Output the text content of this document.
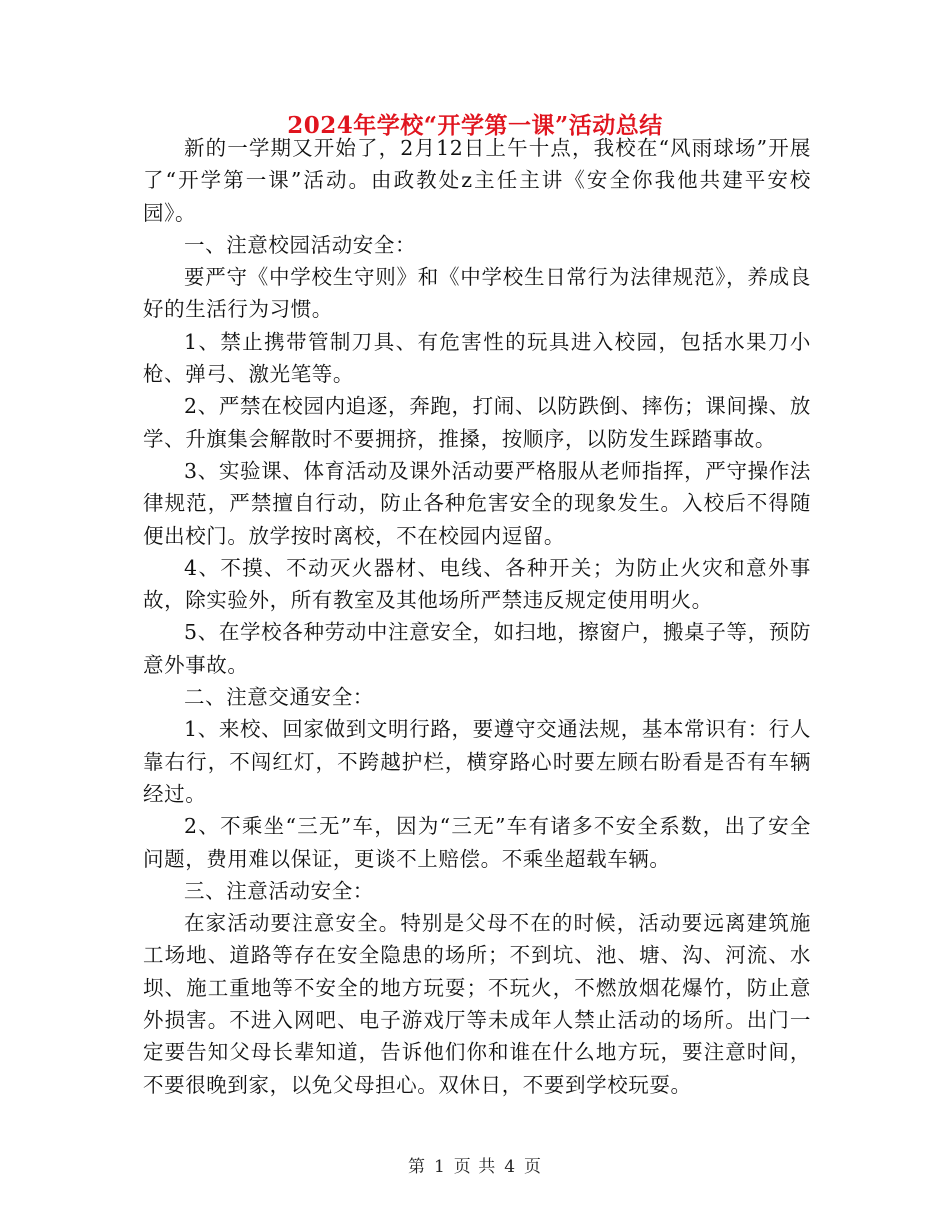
2024年学校“开学第一课”活动总结

新的一学期又开始了，2月12日上午十点，我校在“风雨球场”开展了“开学第一课”活动。由政教处z主任主讲《安全你我他共建平安校园》。

一、注意校园活动安全：

要严守《中学校生守则》和《中学校生日常行为法律规范》，养成良好的生活行为习惯。

1、禁止携带管制刀具、有危害性的玩具进入校园，包括水果刀小枪、弹弓、激光笔等。

2、严禁在校园内追逐，奔跑，打闹、以防跌倒、摔伤；课间操、放学、升旗集会解散时不要拥挤，推搡，按顺序，以防发生踩踏事故。

3、实验课、体育活动及课外活动要严格服从老师指挥，严守操作法律规范，严禁擅自行动，防止各种危害安全的现象发生。入校后不得随便出校门。放学按时离校，不在校园内逗留。

4、不摸、不动灭火器材、电线、各种开关；为防止火灾和意外事故，除实验外，所有教室及其他场所严禁违反规定使用明火。

5、在学校各种劳动中注意安全，如扫地，擦窗户，搬桌子等，预防意外事故。

二、注意交通安全：

1、来校、回家做到文明行路，要遵守交通法规，基本常识有：行人靠右行，不闯红灯，不跨越护栏，横穿路心时要左顾右盼看是否有车辆经过。

2、不乘坐“三无”车，因为“三无”车有诸多不安全系数，出了安全问题，费用难以保证，更谈不上赔偿。不乘坐超载车辆。

三、注意活动安全：

在家活动要注意安全。特别是父母不在的时候，活动要远离建筑施工场地、道路等存在安全隐患的场所；不到坑、池、塘、沟、河流、水坝、施工重地等不安全的地方玩耍；不玩火，不燃放烟花爆竹，防止意外损害。不进入网吧、电子游戏厅等未成年人禁止活动的场所。出门一定要告知父母长辈知道，告诉他们你和谁在什么地方玩，要注意时间，不要很晚到家，以免父母担心。双休日，不要到学校玩耍。

第 1 页 共 4 页
